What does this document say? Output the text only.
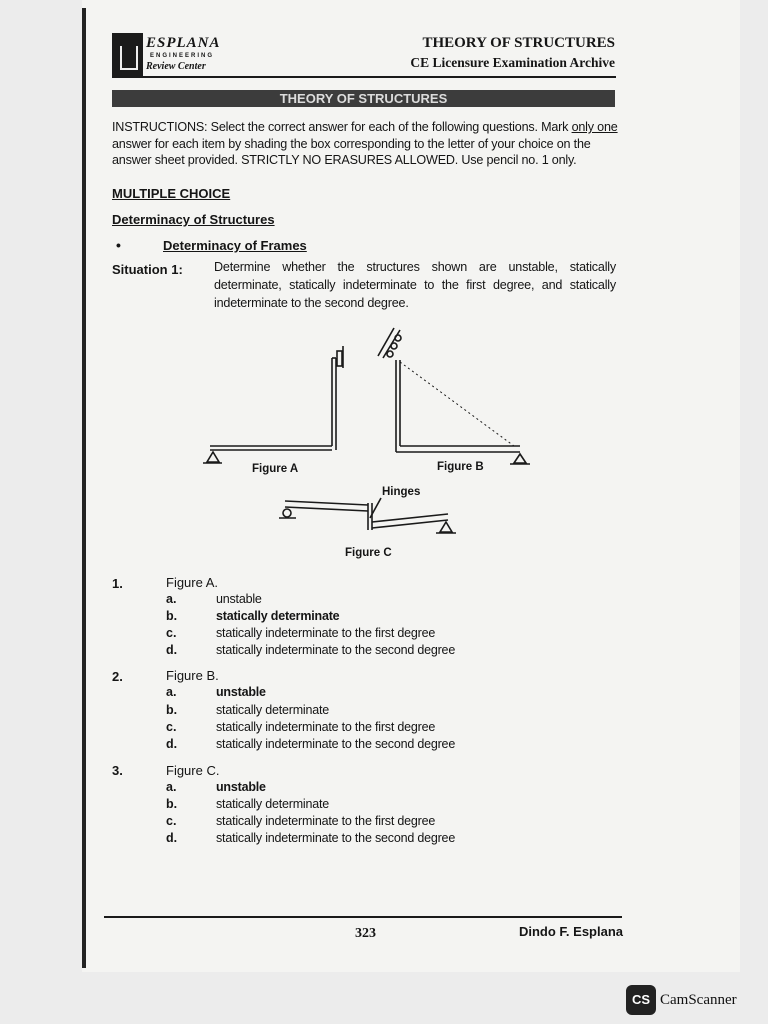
ESPLANA
ENGINEERING
Review Center
THEORY OF STRUCTURES
CE Licensure Examination Archive
THEORY OF STRUCTURES
INSTRUCTIONS: Select the correct answer for each of the following questions. Mark only one answer for each item by shading the box corresponding to the letter of your choice on the answer sheet provided. STRICTLY NO ERASURES ALLOWED. Use pencil no. 1 only.
MULTIPLE CHOICE
Determinacy of Structures
•	Determinacy of Frames
Situation 1: Determine whether the structures shown are unstable, statically determinate, statically indeterminate to the first degree, and statically indeterminate to the second degree.
Figure A	Figure B
Hinges
Figure C
1.	Figure A.
a.	unstable
b.	statically determinate
c.	statically indeterminate to the first degree
d.	statically indeterminate to the second degree
2.	Figure B.
a.	unstable
b.	statically determinate
c.	statically indeterminate to the first degree
d.	statically indeterminate to the second degree
3.	Figure C.
a.	unstable
b.	statically determinate
c.	statically indeterminate to the first degree
d.	statically indeterminate to the second degree
323	Dindo F. Esplana
CS CamScanner
